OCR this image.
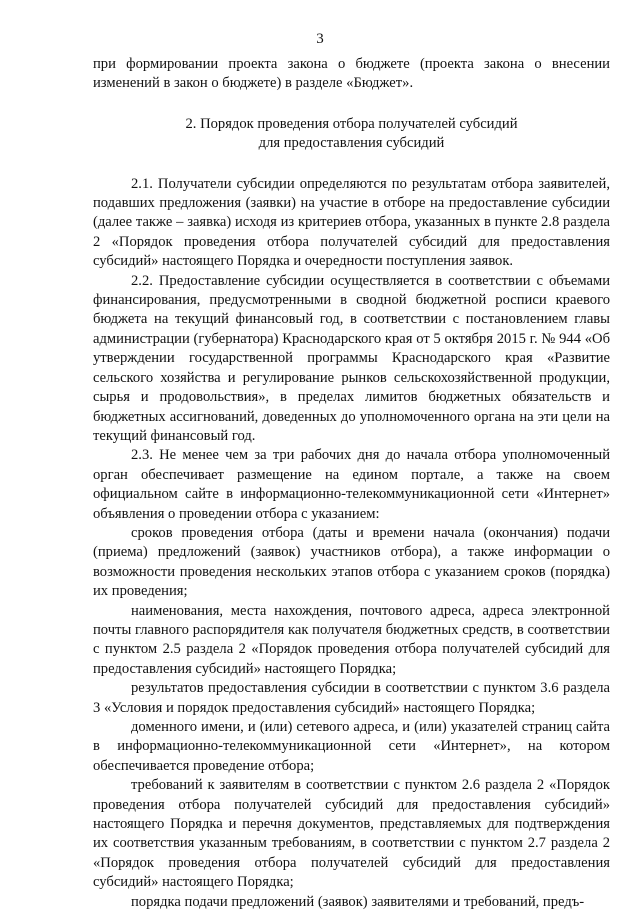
3

при формировании проекта закона о бюджете (проекта закона о внесении изменений в закон о бюджете) в разделе «Бюджет».

2. Порядок проведения отбора получателей субсидий
для предоставления субсидий

2.1. Получатели субсидии определяются по результатам отбора заявителей, подавших предложения (заявки) на участие в отборе на предоставление субсидии (далее также – заявка) исходя из критериев отбора, указанных в пункте 2.8 раздела 2 «Порядок проведения отбора получателей субсидий для предоставления субсидий» настоящего Порядка и очередности поступления заявок.

2.2. Предоставление субсидии осуществляется в соответствии с объемами финансирования, предусмотренными в сводной бюджетной росписи краевого бюджета на текущий финансовый год, в соответствии с постановлением главы администрации (губернатора) Краснодарского края от 5 октября 2015 г. № 944 «Об утверждении государственной программы Краснодарского края «Развитие сельского хозяйства и регулирование рынков сельскохозяйственной продукции, сырья и продовольствия», в пределах лимитов бюджетных обязательств и бюджетных ассигнований, доведенных до уполномоченного органа на эти цели на текущий финансовый год.

2.3. Не менее чем за три рабочих дня до начала отбора уполномоченный орган обеспечивает размещение на едином портале, а также на своем официальном сайте в информационно-телекоммуникационной сети «Интернет» объявления о проведении отбора с указанием:

сроков проведения отбора (даты и времени начала (окончания) подачи (приема) предложений (заявок) участников отбора), а также информации о возможности проведения нескольких этапов отбора с указанием сроков (порядка) их проведения;

наименования, места нахождения, почтового адреса, адреса электронной почты главного распорядителя как получателя бюджетных средств, в соответствии с пунктом 2.5 раздела 2 «Порядок проведения отбора получателей субсидий для предоставления субсидий» настоящего Порядка;

результатов предоставления субсидии в соответствии с пунктом 3.6 раздела 3 «Условия и порядок предоставления субсидий» настоящего Порядка;

доменного имени, и (или) сетевого адреса, и (или) указателей страниц сайта в информационно-телекоммуникационной сети «Интернет», на котором обеспечивается проведение отбора;

требований к заявителям в соответствии с пунктом 2.6 раздела 2 «Порядок проведения отбора получателей субсидий для предоставления субсидий» настоящего Порядка и перечня документов, представляемых для подтверждения их соответствия указанным требованиям, в соответствии с пунктом 2.7 раздела 2 «Порядок проведения отбора получателей субсидий для предоставления субсидий» настоящего Порядка;

порядка подачи предложений (заявок) заявителями и требований, предъ-
